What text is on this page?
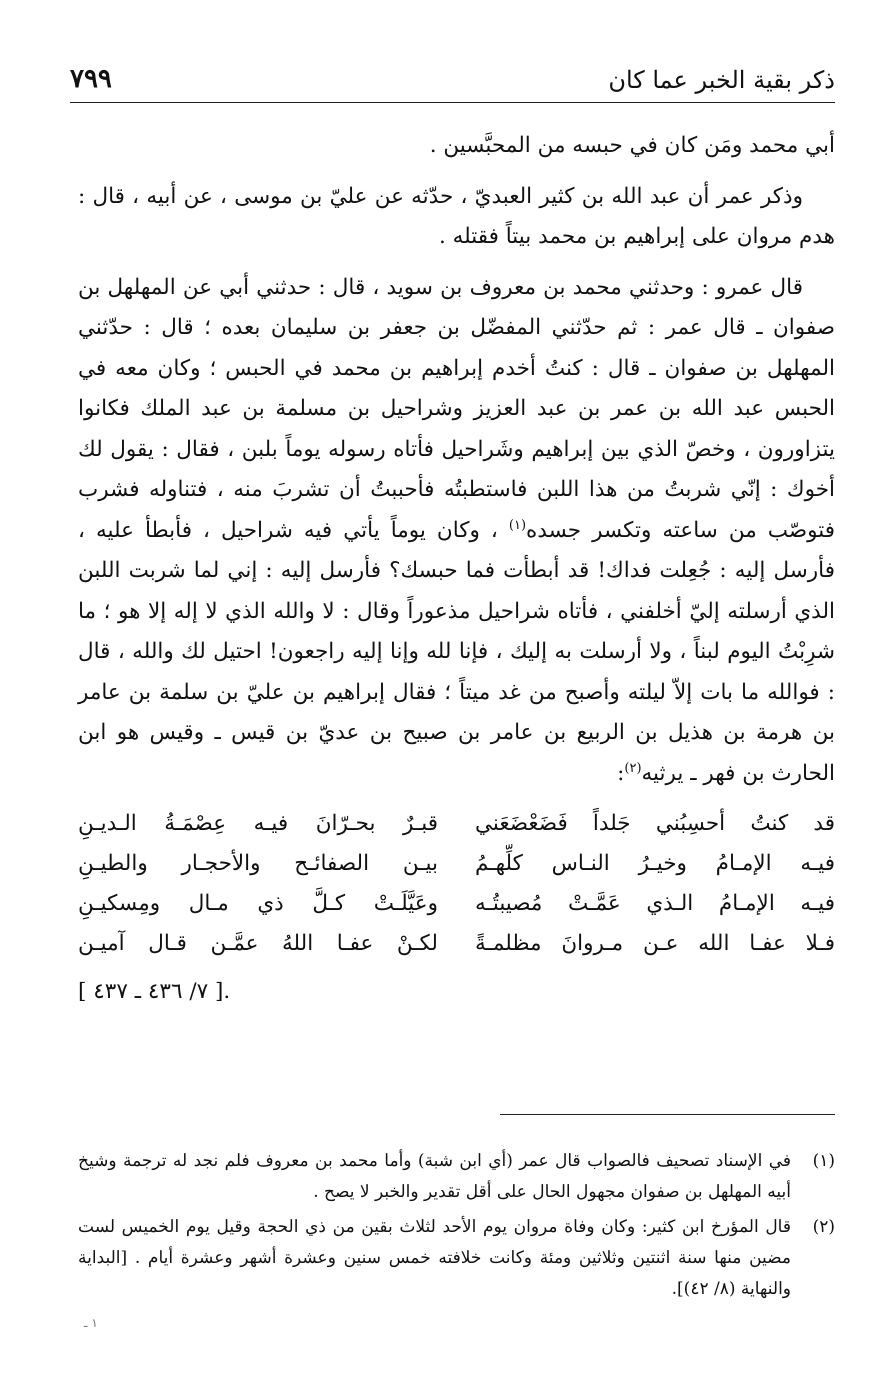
ذكر بقية الخبر عما كان
٧٩٩

أبي محمد ومَن كان في حبسه من المحبَّسين .

وذكر عمر أن عبد الله بن كثير العبديّ ، حدّثه عن عليّ بن موسى ، عن أبيه ، قال : هدم مروان على إبراهيم بن محمد بيتاً فقتله .

قال عمرو : وحدثني محمد بن معروف بن سويد ، قال : حدثني أبي عن المهلهل بن صفوان ـ قال عمر : ثم حدّثني المفضّل بن جعفر بن سليمان بعده ؛ قال : حدّثني المهلهل بن صفوان ـ قال : كنتُ أخدم إبراهيم بن محمد في الحبس ؛ وكان معه في الحبس عبد الله بن عمر بن عبد العزيز وشراحيل بن مسلمة بن عبد الملك فكانوا يتزاورون ، وخصّ الذي بين إبراهيم وشَراحيل فأتاه رسوله يوماً بلبن ، فقال : يقول لك أخوك : إنّي شربتُ من هذا اللبن فاستطبتُه فأحببتُ أن تشربَ منه ، فتناوله فشرب فتوصّب من ساعته وتكسر جسده$^{(١)}$ ، وكان يوماً يأتي فيه شراحيل ، فأبطأ عليه ، فأرسل إليه : جُعِلت فداك! قد أبطأت فما حبسك؟ فأرسل إليه : إني لما شربت اللبن الذي أرسلته إليّ أخلفني ، فأتاه شراحيل مذعوراً وقال : لا والله الذي لا إله إلا هو ؛ ما شرِبْتُ اليوم لبناً ، ولا أرسلت به إليك ، فإنا لله وإنا إليه راجعون! احتيل لك والله ، قال : فوالله ما بات إلاّ ليلته وأصبح من غد ميتاً ؛ فقال إبراهيم بن عليّ بن سلمة بن عامر بن هرمة بن هذيل بن الربيع بن عامر بن صبيح بن عديّ بن قيس ـ وقيس هو ابن الحارث بن فهر ـ يرثيه$^{(٢)}$:

قد كنتُ أحسِبُني جَلداً فَضَعْضَعَني
قبـرٌ بحـرّانَ فيـه عِصْمَـةُ الـديـنِ
فيـه الإمـامُ وخيـرُ النـاس كلِّهـمُ
بيـن الصفائـح والأحجـار والطيـنِ
فيـه الإمـامُ الـذي عَمَّـتْ مُصيبتُـه
وعَيَّلَـتْ كـلَّ ذي مـال ومِسكيـنِ
فـلا عفـا الله عـن مـروانَ مظلمـةً
لكـنْ عفـا اللهُ عمَّـن قـال آميـن
.[ ٧/ ٤٣٦ ـ ٤٣٧ ]
(١)
في الإسناد تصحيف فالصواب قال عمر (أي ابن شبة) وأما محمد بن معروف فلم نجد له ترجمة وشيخ أبيه المهلهل بن صفوان مجهول الحال على أقل تقدير والخبر لا يصح .
(٢)
قال المؤرخ ابن كثير: وكان وفاة مروان يوم الأحد لثلاث بقين من ذي الحجة وقيل يوم الخميس لست مضين منها سنة اثنتين وثلاثين ومئة وكانت خلافته خمس سنين وعشرة أشهر وعشرة أيام . [البداية والنهاية (٨/ ٤٢)].
١ ـ
